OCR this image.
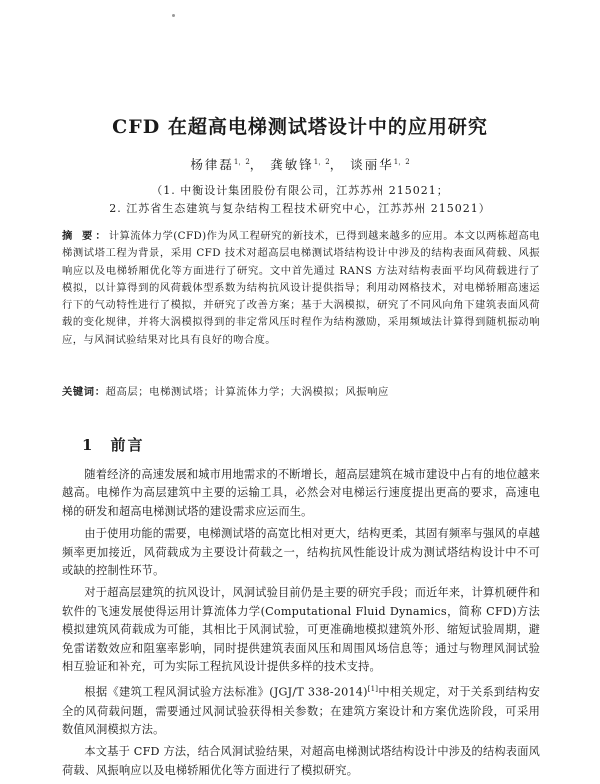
CFD 在超高电梯测试塔设计中的应用研究
杨律磊$^{1,2}$， 龚敏锋$^{1,2}$， 谈丽华$^{1,2}$
（1. 中衡设计集团股份有限公司，江苏苏州 215021；
2. 江苏省生态建筑与复杂结构工程技术研究中心，江苏苏州 215021）
摘 要：计算流体力学(CFD)作为风工程研究的新技术，已得到越来越多的应用。本文以两栋超高电梯测试塔工程为背景，采用 CFD 技术对超高层电梯测试塔结构设计中涉及的结构表面风荷载、风振响应以及电梯轿厢优化等方面进行了研究。文中首先通过 RANS 方法对结构表面平均风荷载进行了模拟，以计算得到的风荷载体型系数为结构抗风设计提供指导；利用动网格技术，对电梯轿厢高速运行下的气动特性进行了模拟，并研究了改善方案；基于大涡模拟，研究了不同风向角下建筑表面风荷载的变化规律，并将大涡模拟得到的非定常风压时程作为结构激励，采用频域法计算得到随机振动响应，与风洞试验结果对比具有良好的吻合度。
关键词：超高层；电梯测试塔；计算流体力学；大涡模拟；风振响应
1 前言

随着经济的高速发展和城市用地需求的不断增长，超高层建筑在城市建设中占有的地位越来越高。电梯作为高层建筑中主要的运输工具，必然会对电梯运行速度提出更高的要求，高速电梯的研发和超高电梯测试塔的建设需求应运而生。

由于使用功能的需要，电梯测试塔的高宽比相对更大，结构更柔，其固有频率与强风的卓越频率更加接近，风荷载成为主要设计荷载之一，结构抗风性能设计成为测试塔结构设计中不可或缺的控制性环节。

对于超高层建筑的抗风设计，风洞试验目前仍是主要的研究手段；而近年来，计算机硬件和软件的飞速发展使得运用计算流体力学(Computational Fluid Dynamics，简称 CFD)方法模拟建筑风荷载成为可能，其相比于风洞试验，可更准确地模拟建筑外形、缩短试验周期，避免雷诺数效应和阻塞率影响，同时提供建筑表面风压和周围风场信息等；通过与物理风洞试验相互验证和补充，可为实际工程抗风设计提供多样的技术支持。

根据《建筑工程风洞试验方法标准》(JGJ/T 338-2014)[1]中相关规定，对于关系到结构安全的风荷载问题，需要通过风洞试验获得相关参数；在建筑方案设计和方案优选阶段，可采用数值风洞模拟方法。

本文基于 CFD 方法，结合风洞试验结果，对超高电梯测试塔结构设计中涉及的结构表面风荷载、风振响应以及电梯轿厢优化等方面进行了模拟研究。
